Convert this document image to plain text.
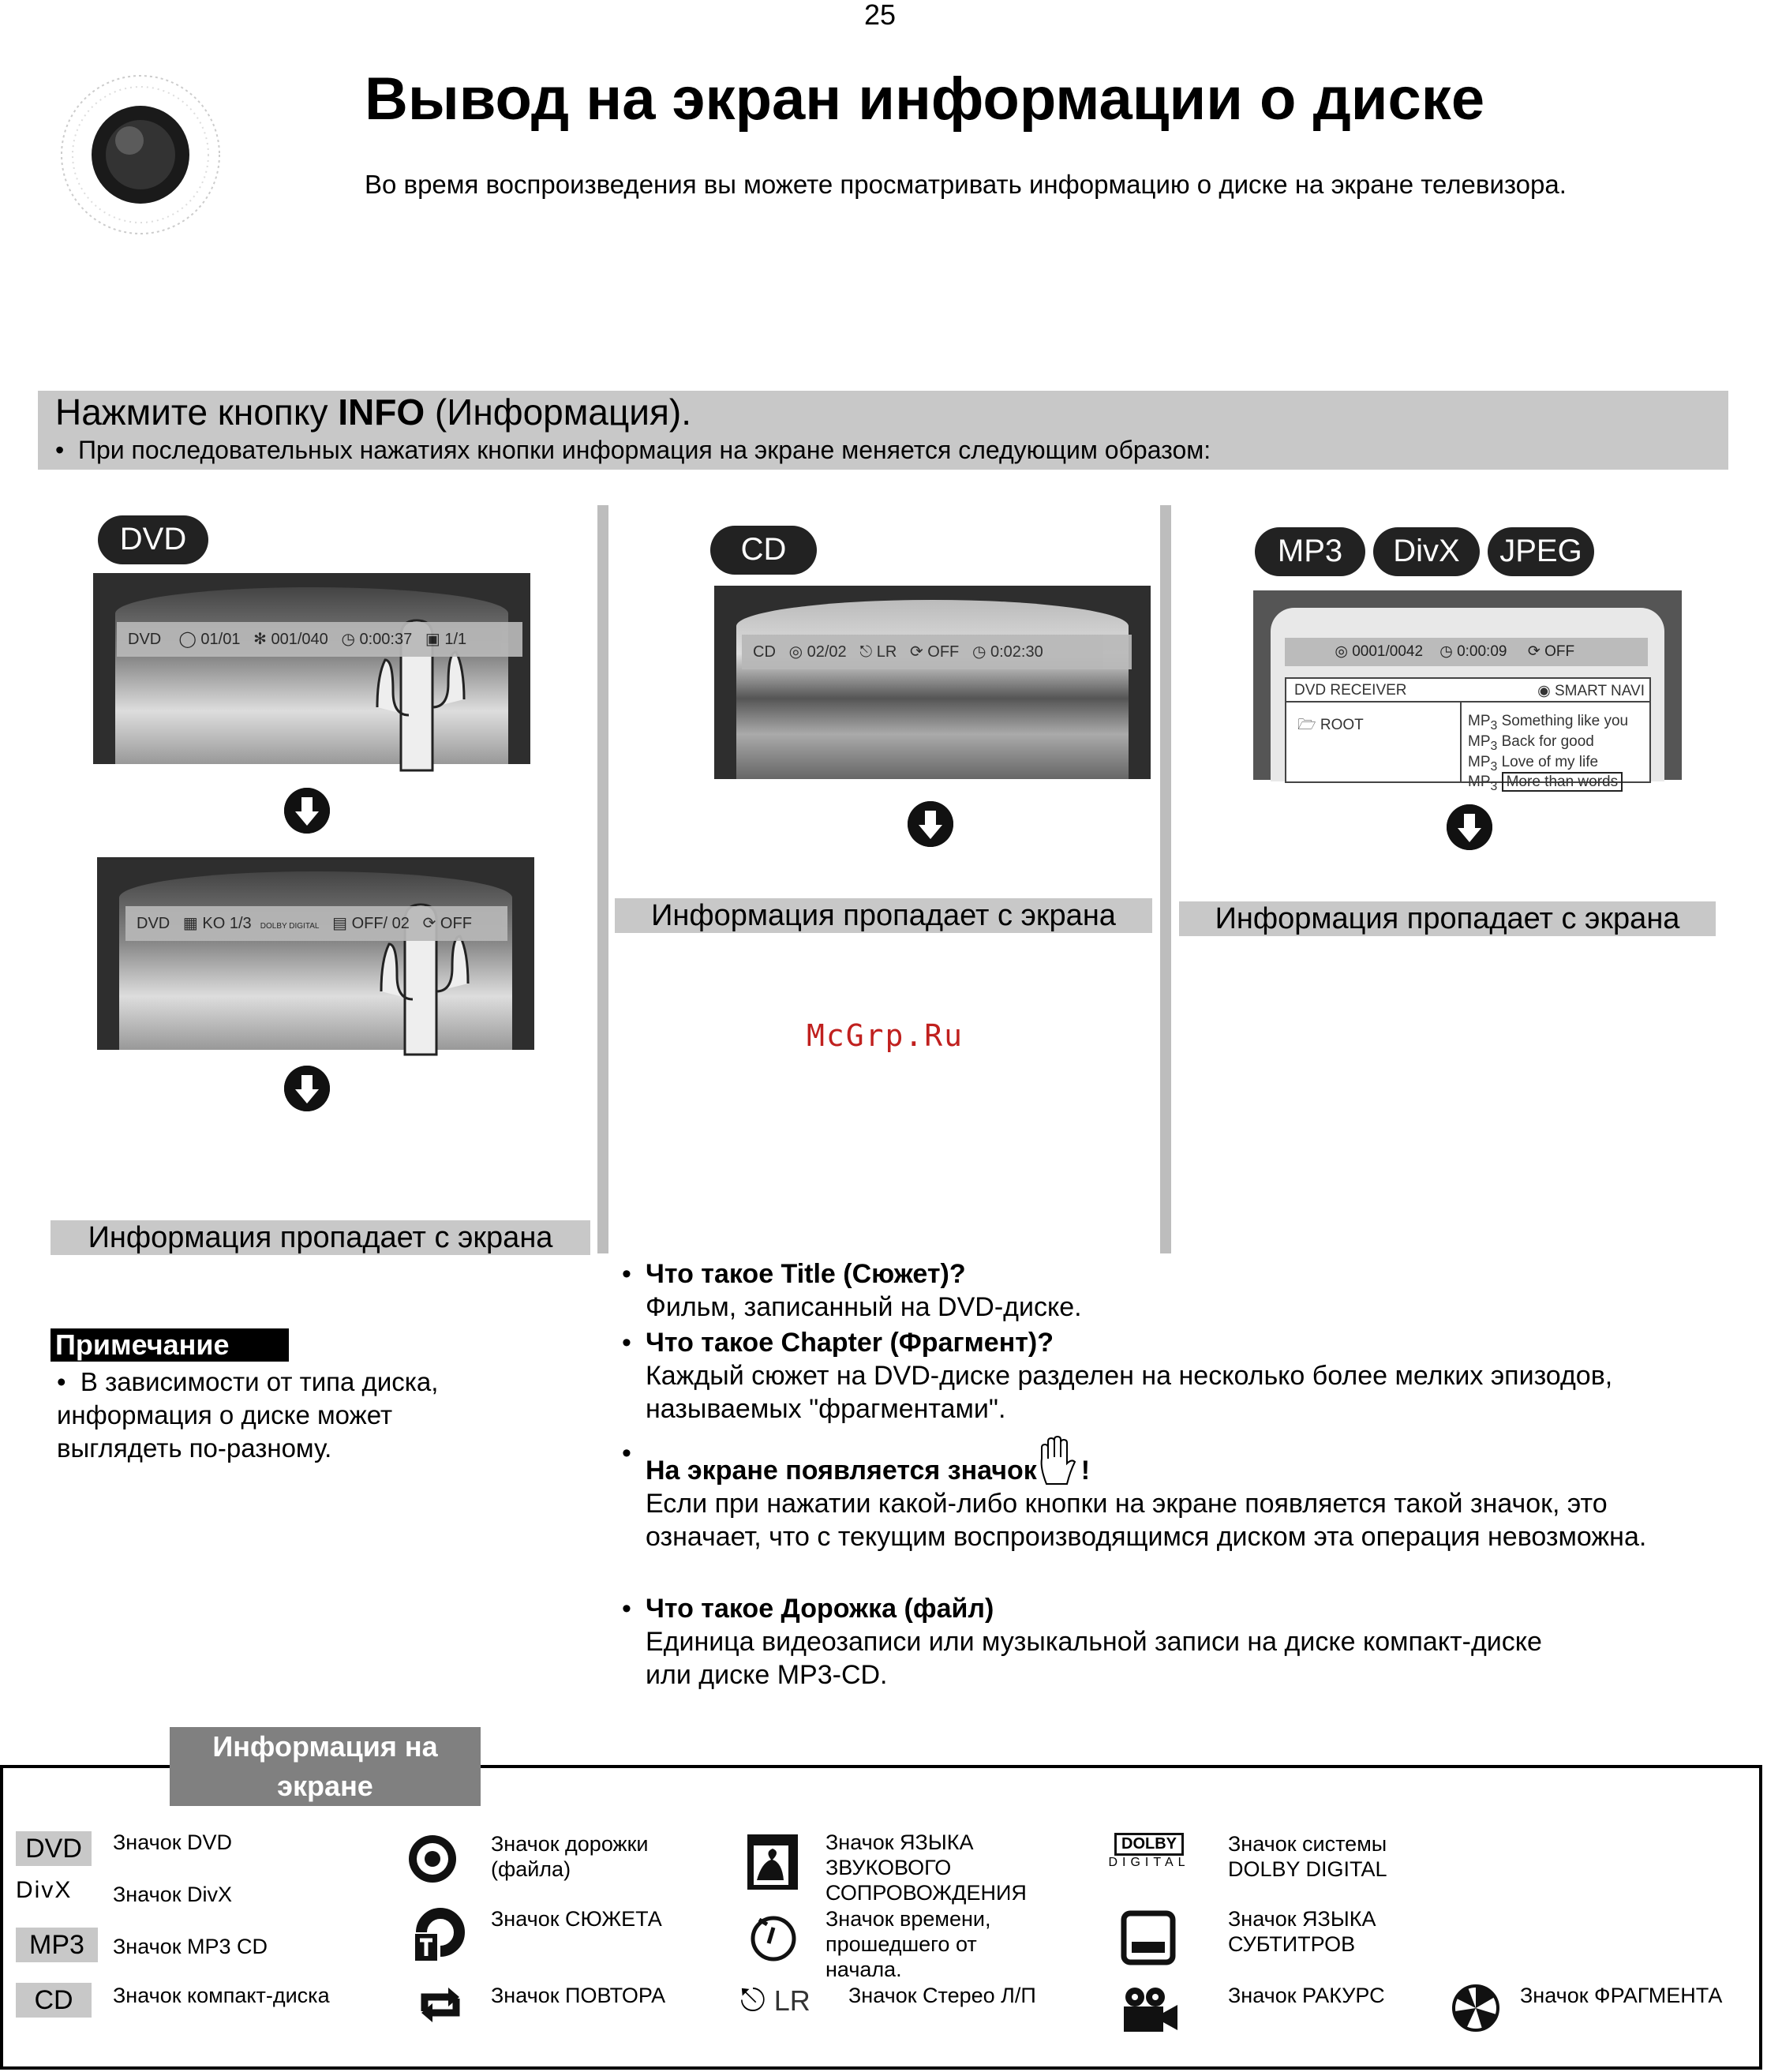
25
Вывод на экран информации о диске
Во время воспроизведения вы можете просматривать информацию о диске на экране телевизора.
Нажмите кнопку INFO (Информация).
•  При последовательных нажатиях кнопки информация на экране меняется следующим образом:
DVD
DVD ◯ 01/01 ✻ 001/040 ◷ 0:00:37 ▣ 1/1
DVD ▦ KO 1/3 DOLBY DIGITAL ▤ OFF/ 02 ⟳ OFF
Информация пропадает с экрана
CD
CD ◎ 02/02 ⎋ LR ⟳ OFF ◷ 0:02:30
Информация пропадает с экрана
McGrp.Ru
MP3	DivX	JPEG
◎ 0001/0042 ◷ 0:00:09 ⟳ OFF
DVD RECEIVER	◉ SMART NAVI
🗁 ROOT	$MP_3$ Something like you
$MP_3$ Back for good
$MP_3$ Love of my life
$MP_3$ More than words
Информация пропадает с экрана
Примечание
•  В зависимости от типа диска, информация о диске может выглядеть по-разному.
• Что такое Title (Сюжет)?
Фильм, записанный на DVD-диске.
• Что такое Chapter (Фрагмент)?
Каждый сюжет на DVD-диске разделен на несколько более мелких эпизодов, называемых "фрагментами".
•
На экране появляется значок !
Если при нажатии какой-либо кнопки на экране появляется такой значок, это означает, что с текущим воспроизводящимся диском эта операция невозможна.
• Что такое Дорожка (файл)
Единица видеозаписи или музыкальной записи на диске компакт-диске или диске MP3-CD.
Информация на экране
DVD	Значок DVD
DivX Значок DivX
MP3	Значок MP3 CD
CD	Значок компакт-диска
Значок дорожки (файла)
Значок СЮЖЕТА
Значок ПОВТОРА
Значок ЯЗЫКА ЗВУКОВОГО СОПРОВОЖДЕНИЯ
Значок времени, прошедшего от начала.
⎋ LR Значок Стерео Л/П
DOLBY
DIGITAL
Значок системы DOLBY DIGITAL
Значок ЯЗЫКА СУБТИТРОВ
Значок РАКУРС	Значок ФРАГМЕНТА
